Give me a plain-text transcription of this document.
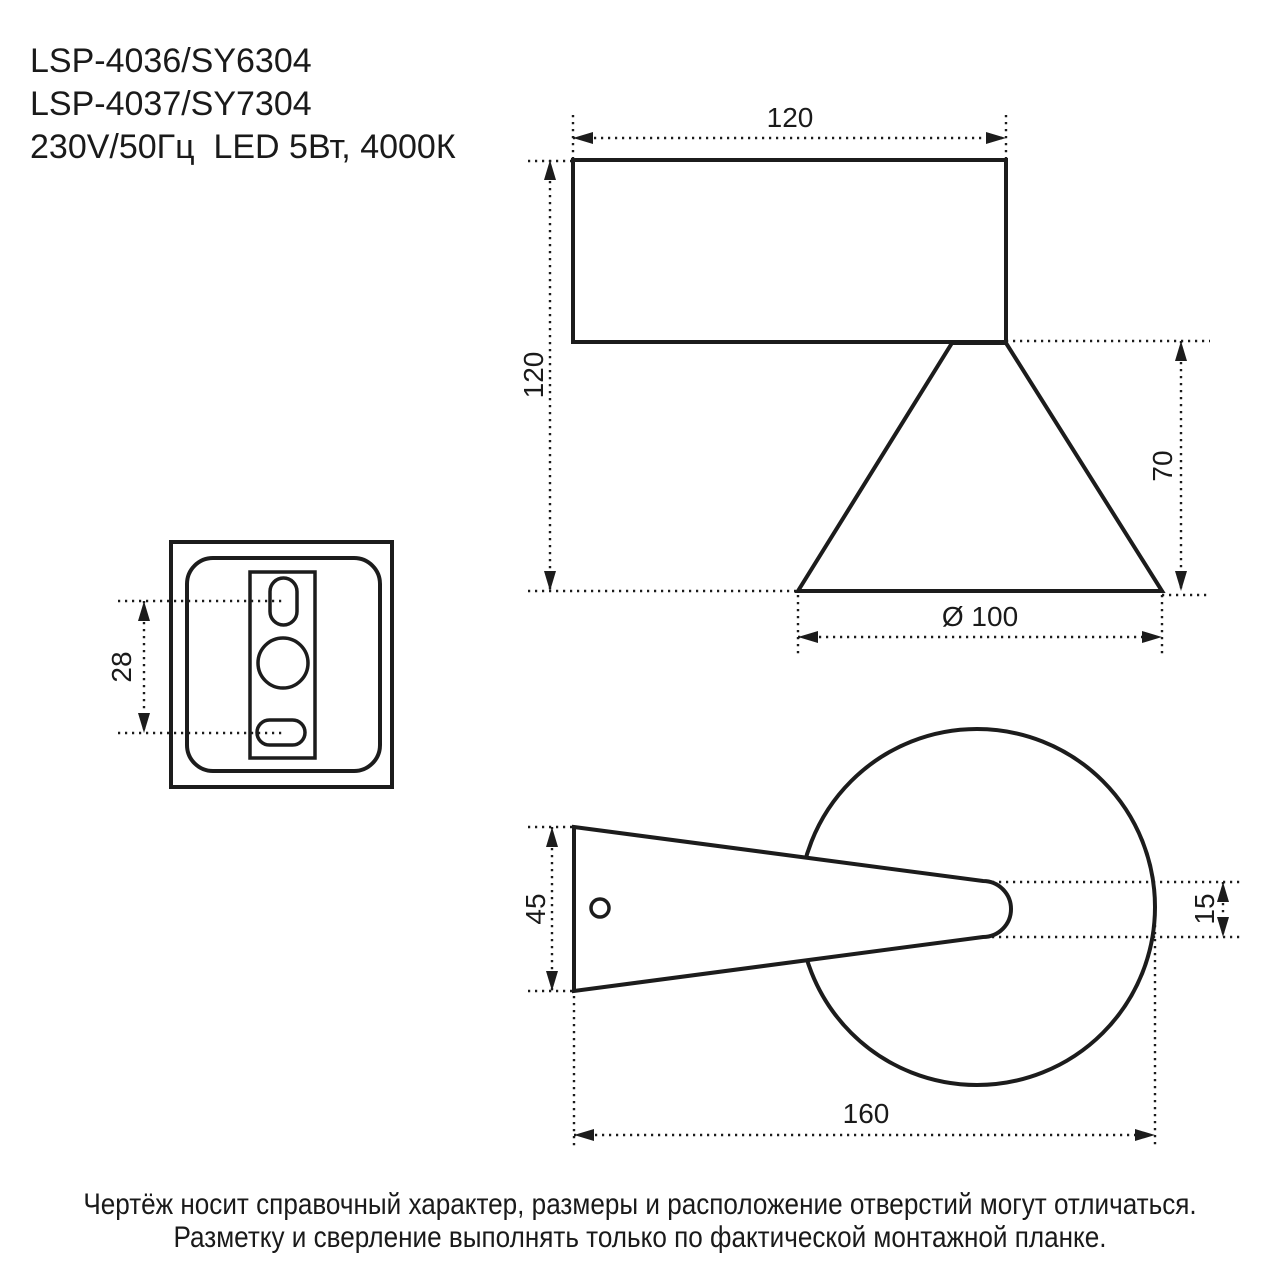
LSP-4036/SY6304
LSP-4037/SY7304
230V/50Гц  LED 5Вт, 4000К
120
120
70
Ø 100
28
45	15
160
Чертёж носит справочный характер, размеры и расположение отверстий могут отличаться.
Разметку и сверление выполнять только по фактической монтажной планке.
